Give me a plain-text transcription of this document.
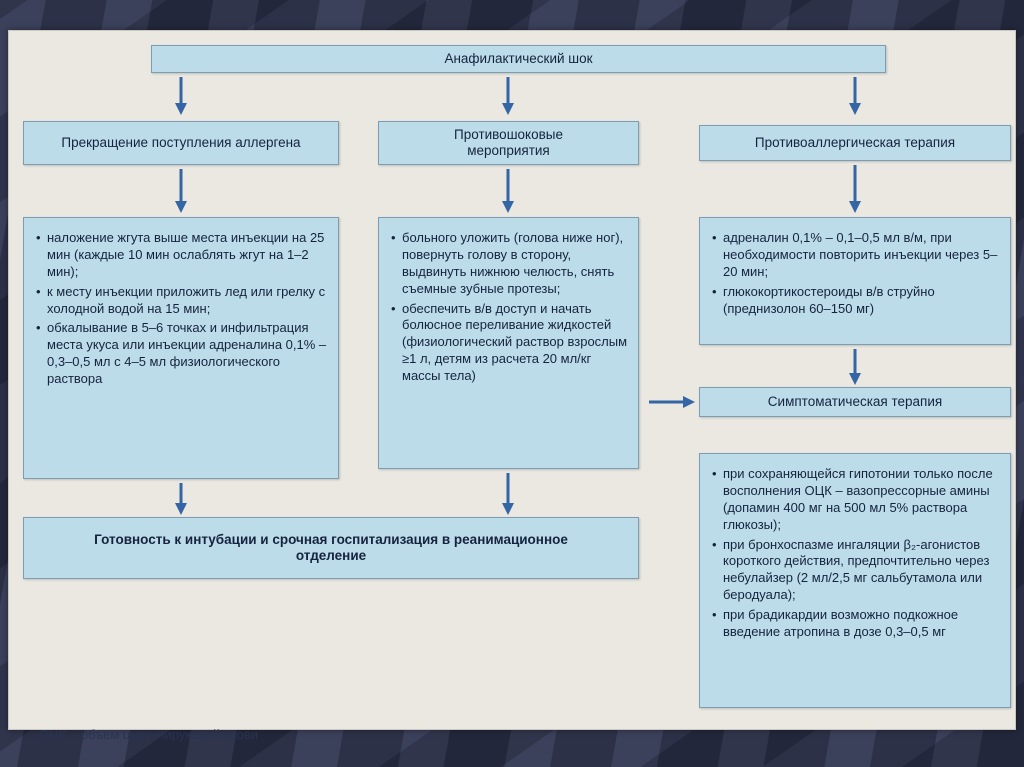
Анафилактический шок
Прекращение поступления аллергена
Противошоковые мероприятия
Противоаллергическая терапия
• наложение жгута выше места инъекции на 25 мин (каждые 10 мин ослаблять жгут на 1–2 мин);
• к месту инъекции приложить лед или грелку с холодной водой на 15 мин;
• обкалывание в 5–6 точках и инфильтрация места укуса или инъекции адреналина 0,1% – 0,3–0,5 мл с 4–5 мл физиологического раствора
• больного уложить (голова ниже ног), повернуть голову в сторону, выдвинуть нижнюю челюсть, снять съемные зубные протезы;
• обеспечить в/в доступ и начать болюсное переливание жидкостей (физиологический раствор взрослым ≥1 л, детям из расчета 20 мл/кг массы тела)
• адреналин 0,1% – 0,1–0,5 мл в/м, при необходимости повторить инъекции через 5–20 мин;
• глюкокортикостероиды в/в струйно (преднизолон 60–150 мг)
Симптоматическая терапия
• при сохраняющейся гипотонии только после восполнения ОЦК – вазопрессорные амины (допамин 400 мг на 500 мл 5% раствора глюкозы);
• при бронхоспазме ингаляции β₂-агонистов короткого действия, предпочтительно через небулайзер (2 мл/2,5 мг сальбутамола или беродуала);
• при брадикардии возможно подкожное введение атропина в дозе 0,3–0,5 мг
Готовность к интубации и срочная госпитализация в реанимационное отделение
ОЦК – объем циркулирующей крови
